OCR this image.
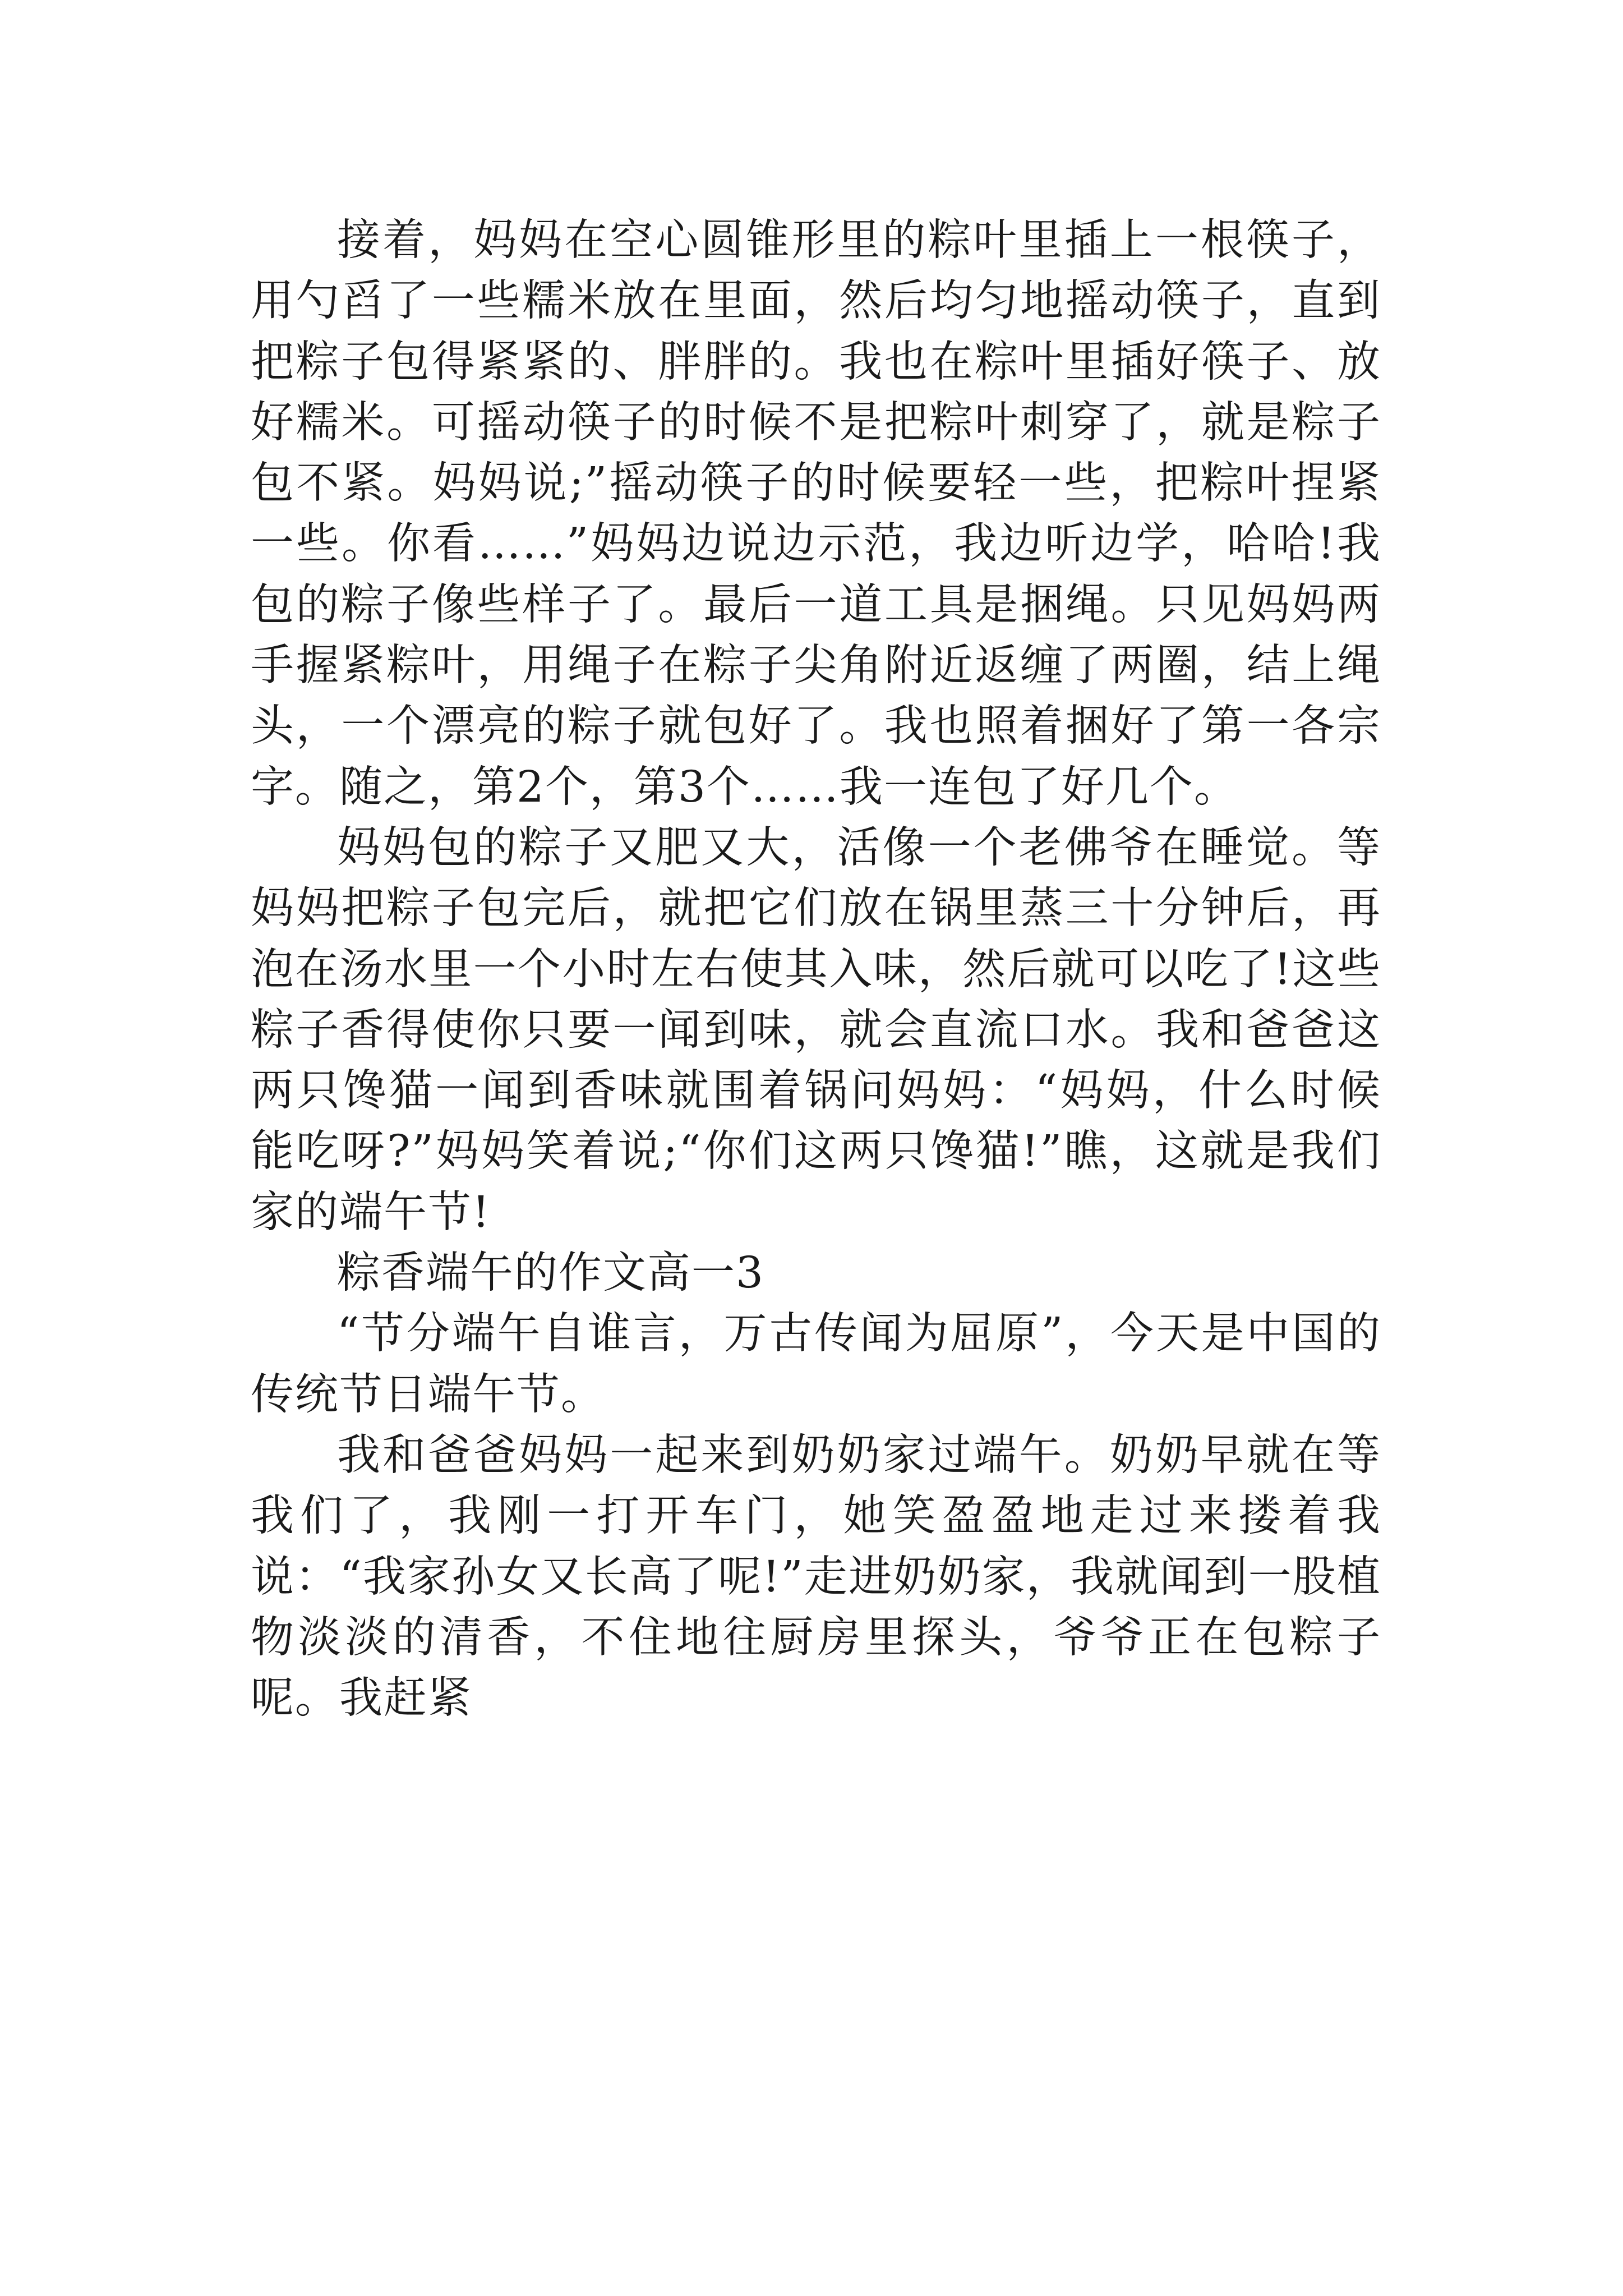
接着，妈妈在空心圆锥形里的粽叶里插上一根筷子，用勺舀了一些糯米放在里面，然后均匀地摇动筷子，直到把粽子包得紧紧的、胖胖的。我也在粽叶里插好筷子、放好糯米。可摇动筷子的时候不是把粽叶刺穿了，就是粽子包不紧。妈妈说;”摇动筷子的时候要轻一些，把粽叶捏紧一些。你看……”妈妈边说边示范，我边听边学，哈哈!我包的粽子像些样子了。最后一道工具是捆绳。只见妈妈两手握紧粽叶，用绳子在粽子尖角附近返缠了两圈，结上绳头，一个漂亮的粽子就包好了。我也照着捆好了第一各宗字。随之，第2个，第3个……我一连包了好几个。

妈妈包的粽子又肥又大，活像一个老佛爷在睡觉。等妈妈把粽子包完后，就把它们放在锅里蒸三十分钟后，再泡在汤水里一个小时左右使其入味，然后就可以吃了!这些粽子香得使你只要一闻到味，就会直流口水。我和爸爸这两只馋猫一闻到香味就围着锅问妈妈：“妈妈，什么时候能吃呀?”妈妈笑着说;“你们这两只馋猫!”瞧，这就是我们家的端午节!

粽香端午的作文高一3

“节分端午自谁言，万古传闻为屈原”，今天是中国的传统节日端午节。

我和爸爸妈妈一起来到奶奶家过端午。奶奶早就在等我们了，我刚一打开车门，她笑盈盈地走过来搂着我说：“我家孙女又长高了呢!”走进奶奶家，我就闻到一股植物淡淡的清香，不住地往厨房里探头，爷爷正在包粽子呢。我赶紧
